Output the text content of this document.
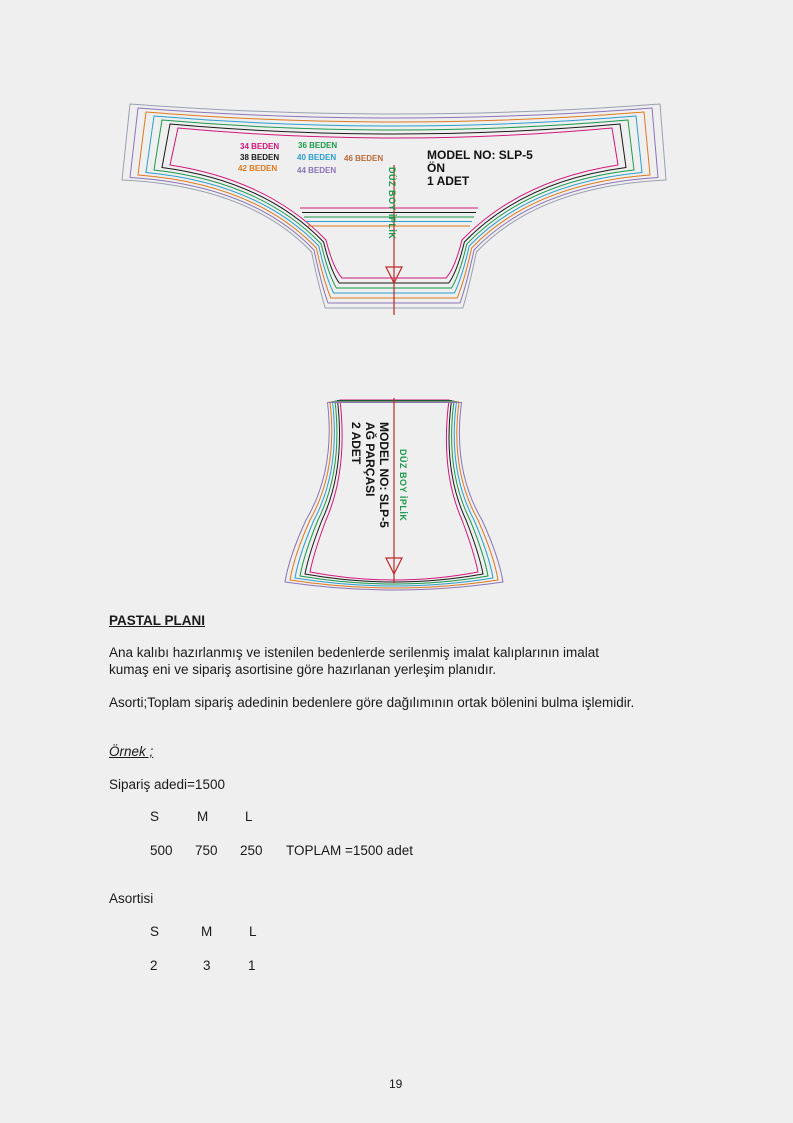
34 BEDEN 36 BEDEN
38 BEDEN 40 BEDEN 46 BEDEN
42 BEDEN 44 BEDEN
MODEL NO: SLP-5
ÖN
1 ADET
DÜZ BOY İPLİK
MODEL NO: SLP-5
AĞ PARÇASI
2 ADET
DÜZ BOY İPLİK
PASTAL PLANI
Ana kalıbı hazırlanmış ve istenilen bedenlerde serilenmiş imalat kalıplarının imalat
kumaş eni ve sipariş asortisine göre hazırlanan yerleşim planıdır.
Asorti;Toplam sipariş adedinin bedenlere göre dağılımının ortak bölenini bulma işlemidir.
Örnek ;
Sipariş adedi=1500
S	M	L
500 750 250 TOPLAM =1500 adet
Asortisi
S	M	L
2	3	1
19
